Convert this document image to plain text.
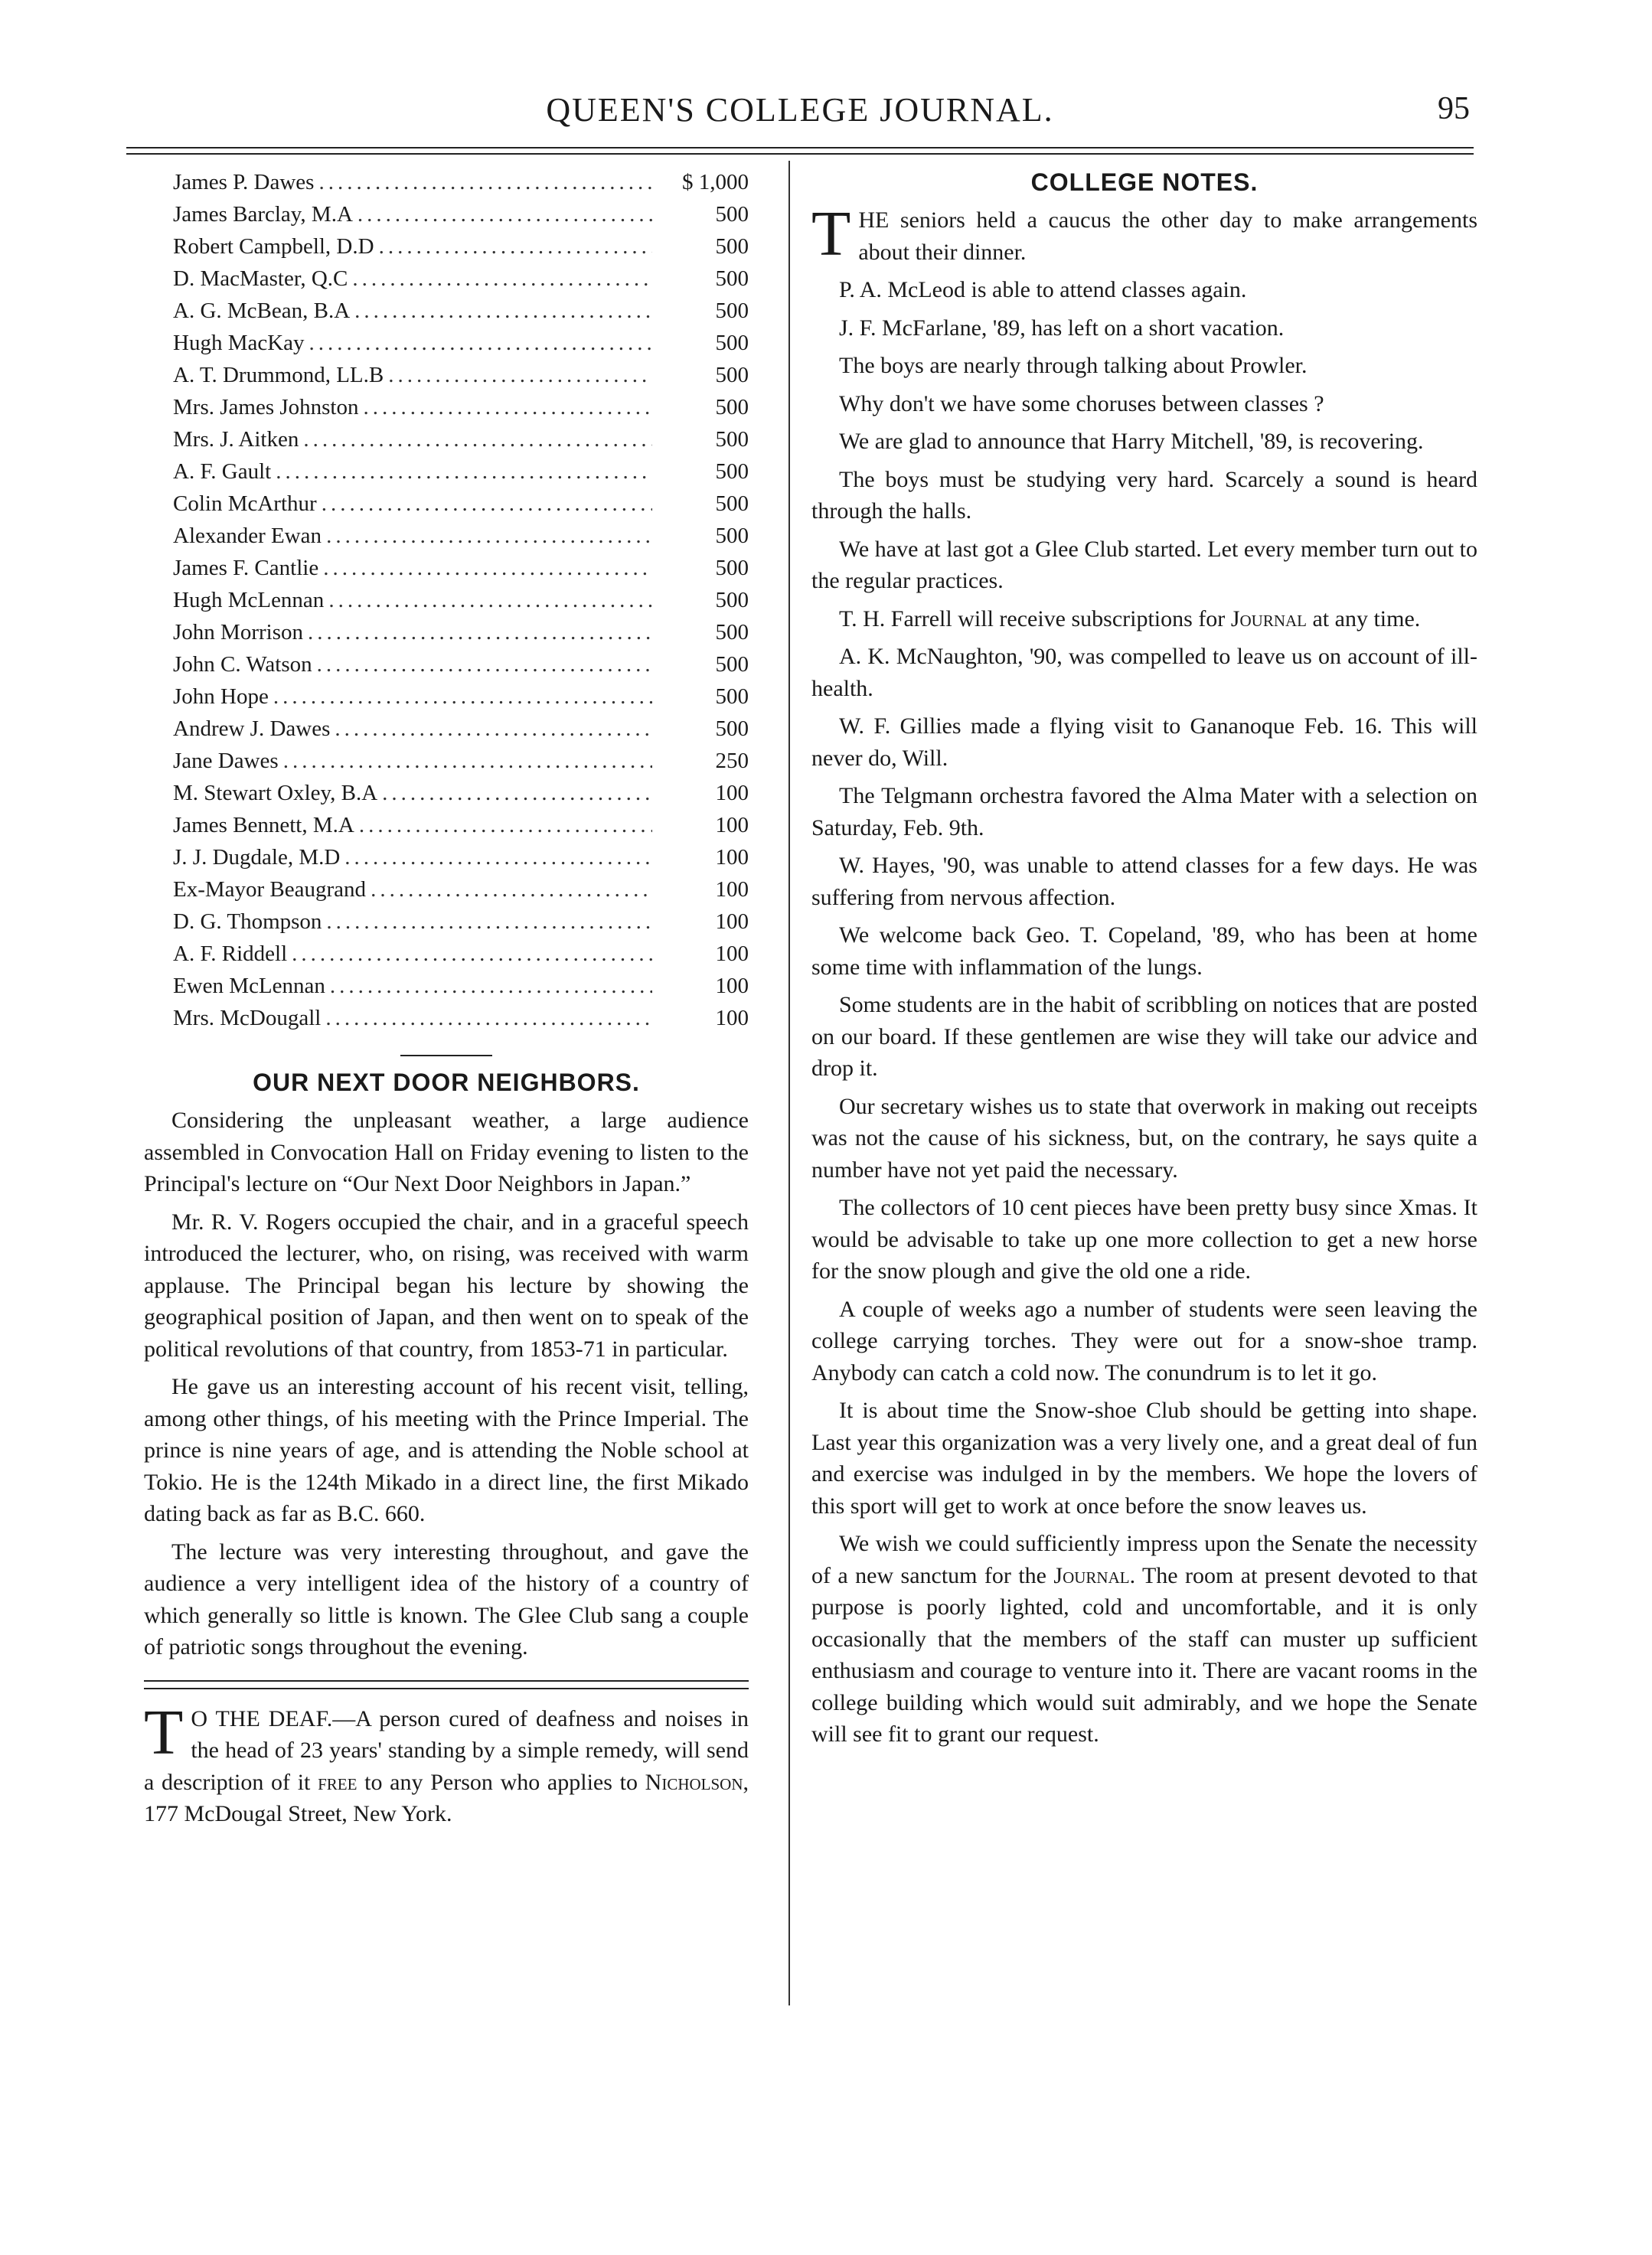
QUEEN'S COLLEGE JOURNAL.	95
James P. Dawes .....	$ 1,000
James Barclay, M.A .....	500
Robert Campbell, D.D .....	500
D. MacMaster, Q.C .....	500
A. G. McBean, B.A .....	500
Hugh MacKay .....	500
A. T. Drummond, LL.B .....	500
Mrs. James Johnston .....	500
Mrs. J. Aitken .....	500
A. F. Gault .....	500
Colin McArthur .....	500
Alexander Ewan .....	500
James F. Cantlie .....	500
Hugh McLennan .....	500
John Morrison .....	500
John C. Watson .....	500
John Hope .....	500
Andrew J. Dawes .....	500
Jane Dawes .....	250
M. Stewart Oxley, B.A .....	100
James Bennett, M.A .....	100
J. J. Dugdale, M.D .....	100
Ex-Mayor Beaugrand .....	100
D. G. Thompson .....	100
A. F. Riddell .....	100
Ewen McLennan .....	100
Mrs. McDougall .....	100
OUR NEXT DOOR NEIGHBORS.

Considering the unpleasant weather, a large audience assembled in Convocation Hall on Friday evening to listen to the Principal's lecture on “Our Next Door Neighbors in Japan.”

Mr. R. V. Rogers occupied the chair, and in a graceful speech introduced the lecturer, who, on rising, was received with warm applause. The Principal began his lecture by showing the geographical position of Japan, and then went on to speak of the political revolutions of that country, from 1853-71 in particular.

He gave us an interesting account of his recent visit, telling, among other things, of his meeting with the Prince Imperial. The prince is nine years of age, and is attending the Noble school at Tokio. He is the 124th Mikado in a direct line, the first Mikado dating back as far as B.C. 660.

The lecture was very interesting throughout, and gave the audience a very intelligent idea of the history of a country of which generally so little is known. The Glee Club sang a couple of patriotic songs throughout the evening.

T O THE DEAF.—A person cured of deafness and noises in the head of 23 years' standing by a simple remedy, will send a description of it free to any Person who applies to Nicholson, 177 McDougal Street, New York.

COLLEGE NOTES.

THE seniors held a caucus the other day to make arrangements about their dinner.

P. A. McLeod is able to attend classes again.

J. F. McFarlane, '89, has left on a short vacation.

The boys are nearly through talking about Prowler.

Why don't we have some choruses between classes ?

We are glad to announce that Harry Mitchell, '89, is recovering.

The boys must be studying very hard. Scarcely a sound is heard through the halls.

We have at last got a Glee Club started. Let every member turn out to the regular practices.

T. H. Farrell will receive subscriptions for Journal at any time.

A. K. McNaughton, '90, was compelled to leave us on account of ill-health.

W. F. Gillies made a flying visit to Gananoque Feb. 16. This will never do, Will.

The Telgmann orchestra favored the Alma Mater with a selection on Saturday, Feb. 9th.

W. Hayes, '90, was unable to attend classes for a few days. He was suffering from nervous affection.

We welcome back Geo. T. Copeland, '89, who has been at home some time with inflammation of the lungs.

Some students are in the habit of scribbling on notices that are posted on our board. If these gentlemen are wise they will take our advice and drop it.

Our secretary wishes us to state that overwork in making out receipts was not the cause of his sickness, but, on the contrary, he says quite a number have not yet paid the necessary.

The collectors of 10 cent pieces have been pretty busy since Xmas. It would be advisable to take up one more collection to get a new horse for the snow plough and give the old one a ride.

A couple of weeks ago a number of students were seen leaving the college carrying torches. They were out for a snow-shoe tramp. Anybody can catch a cold now. The conundrum is to let it go.

It is about time the Snow-shoe Club should be getting into shape. Last year this organization was a very lively one, and a great deal of fun and exercise was indulged in by the members. We hope the lovers of this sport will get to work at once before the snow leaves us.

We wish we could sufficiently impress upon the Senate the necessity of a new sanctum for the Journal. The room at present devoted to that purpose is poorly lighted, cold and uncomfortable, and it is only occasionally that the members of the staff can muster up sufficient enthusiasm and courage to venture into it. There are vacant rooms in the college building which would suit admirably, and we hope the Senate will see fit to grant our request.
